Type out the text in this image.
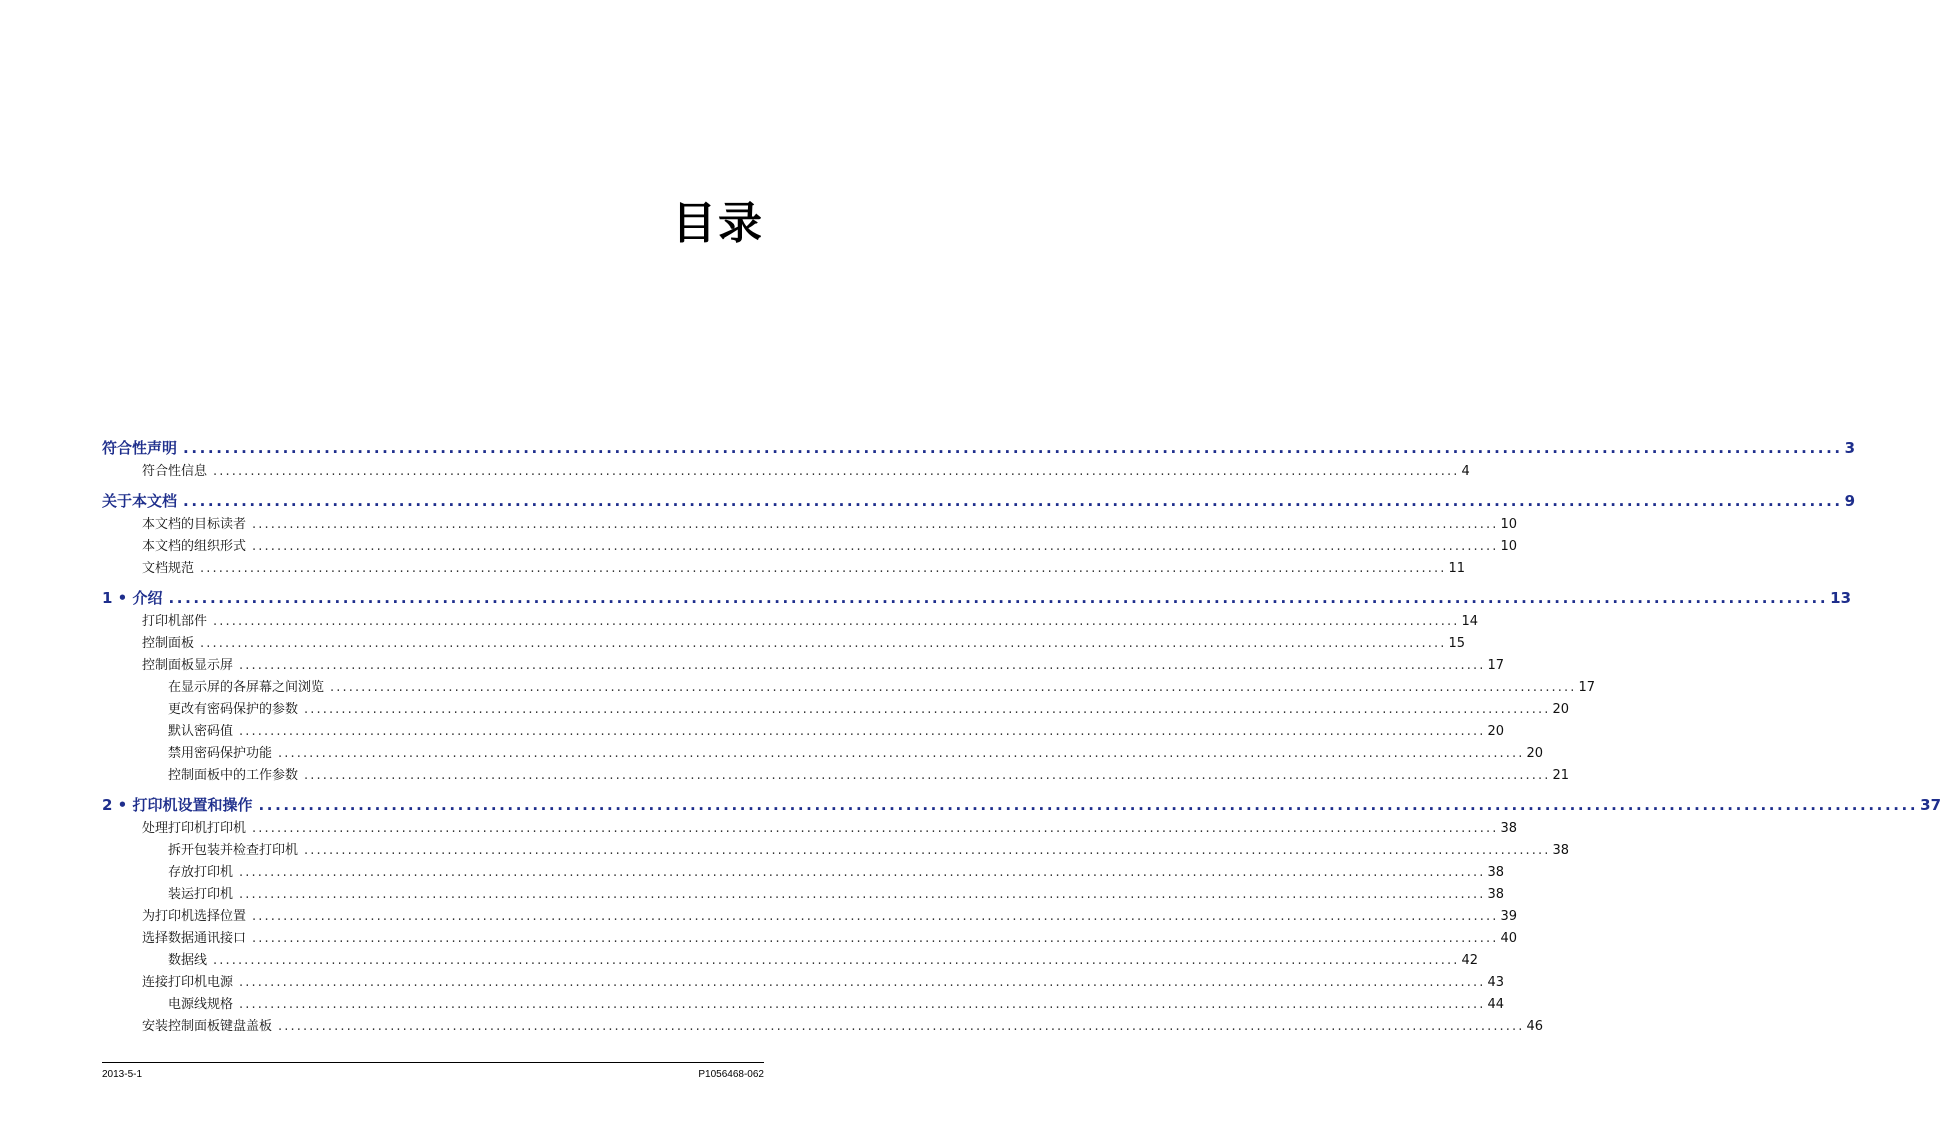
目录
符合性声明 ........................................................................................................................................................................................................ 3
符合性信息 ........................................................................................................................................................................................................ 4
关于本文档 ........................................................................................................................................................................................................ 9
本文档的目标读者 ........................................................................................................................................................................................................ 10
本文档的组织形式 ........................................................................................................................................................................................................ 10
文档规范 ........................................................................................................................................................................................................ 11
1 • 介绍 ........................................................................................................................................................................................................ 13
打印机部件 ........................................................................................................................................................................................................ 14
控制面板 ........................................................................................................................................................................................................ 15
控制面板显示屏 ........................................................................................................................................................................................................ 17
在显示屏的各屏幕之间浏览 ........................................................................................................................................................................................................ 17
更改有密码保护的参数 ........................................................................................................................................................................................................ 20
默认密码值 ........................................................................................................................................................................................................ 20
禁用密码保护功能 ........................................................................................................................................................................................................ 20
控制面板中的工作参数 ........................................................................................................................................................................................................ 21
2 • 打印机设置和操作 ........................................................................................................................................................................................................ 37
处理打印机打印机 ........................................................................................................................................................................................................ 38
拆开包装并检查打印机 ........................................................................................................................................................................................................ 38
存放打印机 ........................................................................................................................................................................................................ 38
装运打印机 ........................................................................................................................................................................................................ 38
为打印机选择位置 ........................................................................................................................................................................................................ 39
选择数据通讯接口 ........................................................................................................................................................................................................ 40
数据线 ........................................................................................................................................................................................................ 42
连接打印机电源 ........................................................................................................................................................................................................ 43
电源线规格 ........................................................................................................................................................................................................ 44
安装控制面板键盘盖板 ........................................................................................................................................................................................................ 46
2013-5-1	P1056468-062
